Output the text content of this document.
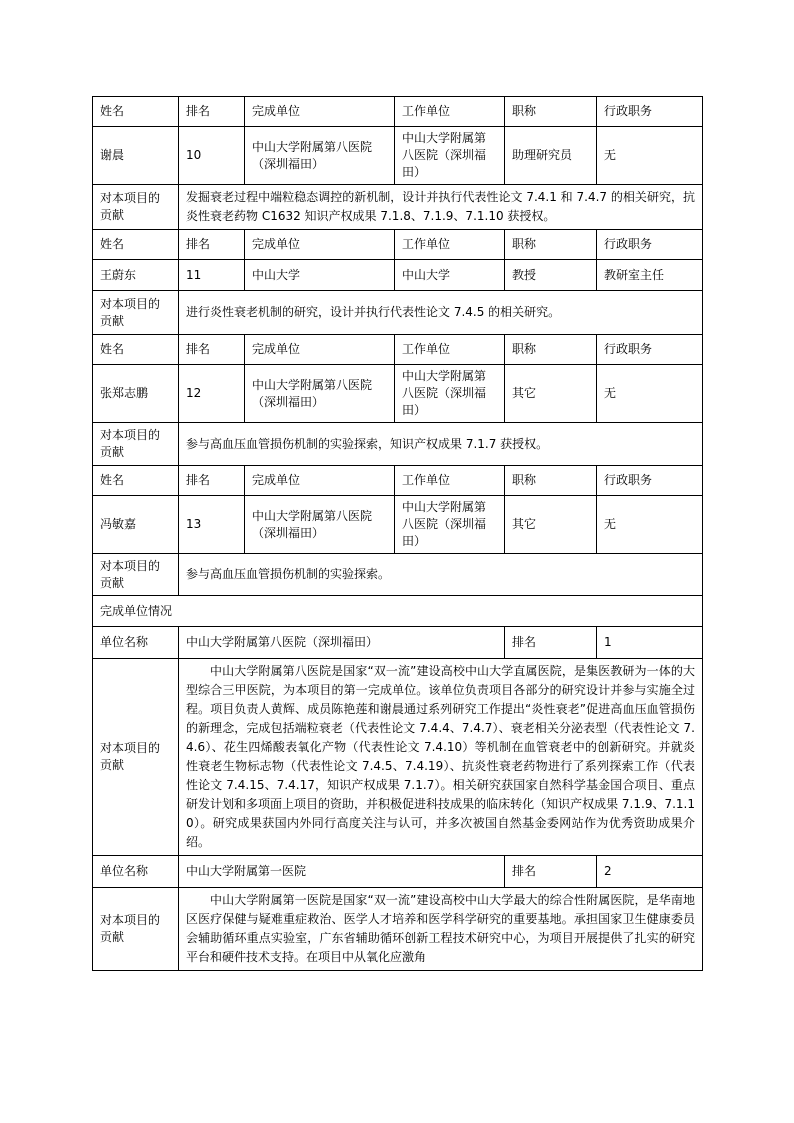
姓名	排名	完成单位	工作单位	职称	行政职务
谢晨	10	中山大学附属第八医院（深圳福田）	中山大学附属第八医院（深圳福田）	助理研究员	无
对本项目的贡献	发掘衰老过程中端粒稳态调控的新机制，设计并执行代表性论文 7.4.1 和 7.4.7 的相关研究，抗炎性衰老药物 C1632 知识产权成果 7.1.8、7.1.9、7.1.10 获授权。				
姓名	排名	完成单位	工作单位	职称	行政职务
王蔚东	11	中山大学	中山大学	教授	教研室主任
对本项目的贡献	进行炎性衰老机制的研究，设计并执行代表性论文 7.4.5 的相关研究。				
姓名	排名	完成单位	工作单位	职称	行政职务
张郑志鹏	12	中山大学附属第八医院（深圳福田）	中山大学附属第八医院（深圳福田）	其它	无
对本项目的贡献	参与高血压血管损伤机制的实验探索，知识产权成果 7.1.7 获授权。				
姓名	排名	完成单位	工作单位	职称	行政职务
冯敏嘉	13	中山大学附属第八医院（深圳福田）	中山大学附属第八医院（深圳福田）	其它	无
对本项目的贡献	参与高血压血管损伤机制的实验探索。				
完成单位情况					
单位名称	中山大学附属第八医院（深圳福田）			排名	1
对本项目的贡献	中山大学附属第八医院是国家“双一流”建设高校中山大学直属医院，是集医教研为一体的大型综合三甲医院，为本项目的第一完成单位。该单位负责项目各部分的研究设计并参与实施全过程。项目负责人黄辉、成员陈艳莲和谢晨通过系列研究工作提出“炎性衰老”促进高血压血管损伤的新理念，完成包括端粒衰老（代表性论文 7.4.4、7.4.7）、衰老相关分泌表型（代表性论文 7.4.6）、花生四烯酸表氧化产物（代表性论文 7.4.10）等机制在血管衰老中的创新研究。并就炎性衰老生物标志物（代表性论文 7.4.5、7.4.19）、抗炎性衰老药物进行了系列探索工作（代表性论文 7.4.15、7.4.17，知识产权成果 7.1.7）。相关研究获国家自然科学基金国合项目、重点研发计划和多项面上项目的资助，并积极促进科技成果的临床转化（知识产权成果 7.1.9、7.1.10）。研究成果获国内外同行高度关注与认可，并多次被国自然基金委网站作为优秀资助成果介绍。				
单位名称	中山大学附属第一医院			排名	2
对本项目的贡献	中山大学附属第一医院是国家“双一流”建设高校中山大学最大的综合性附属医院，是华南地区医疗保健与疑难重症救治、医学人才培养和医学科学研究的重要基地。承担国家卫生健康委员会辅助循环重点实验室，广东省辅助循环创新工程技术研究中心，为项目开展提供了扎实的研究平台和硬件技术支持。在项目中从氧化应激角				
